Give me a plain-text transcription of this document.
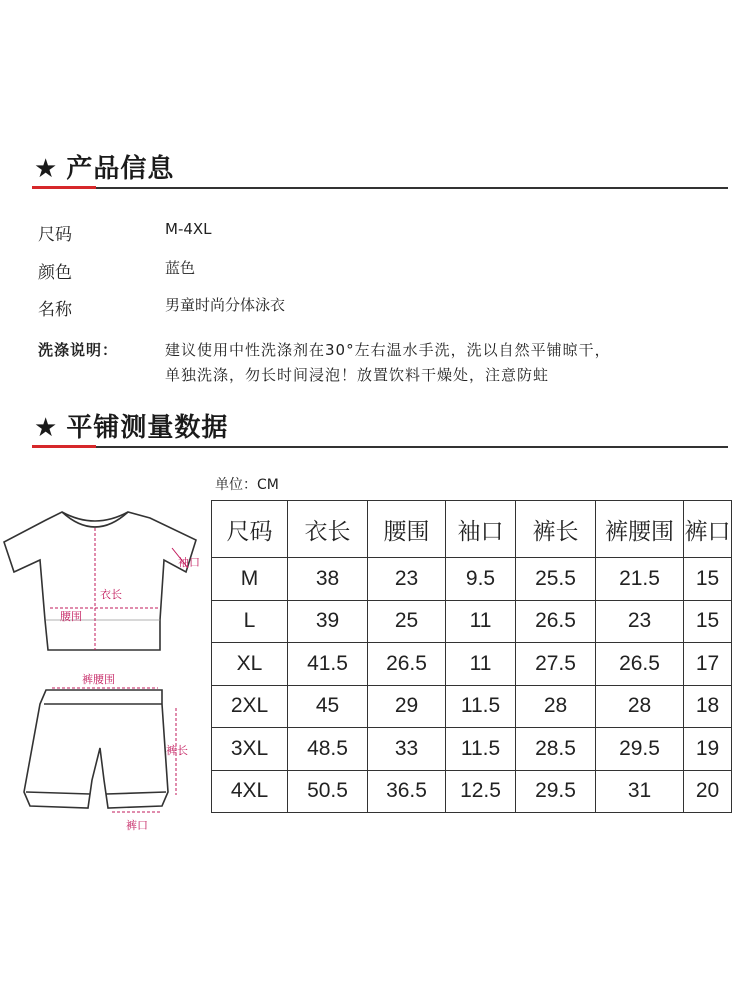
★ 产品信息
尺码	M-4XL
颜色	蓝色
名称	男童时尚分体泳衣
洗涤说明：	建议使用中性洗涤剂在30°左右温水手洗，洗以自然平铺晾干，
单独洗涤，勿长时间浸泡！放置饮料干燥处，注意防蛀
★ 平铺测量数据
单位：CM
袖口
衣长
腰围
裤腰围
裤长
裤口
尺码	衣长	腰围	袖口	裤长	裤腰围	裤口
M	38	23	9.5	25.5	21.5	15
L	39	25	11	26.5	23	15
XL	41.5	26.5	11	27.5	26.5	17
2XL	45	29	11.5	28	28	18
3XL	48.5	33	11.5	28.5	29.5	19
4XL	50.5	36.5	12.5	29.5	31	20
